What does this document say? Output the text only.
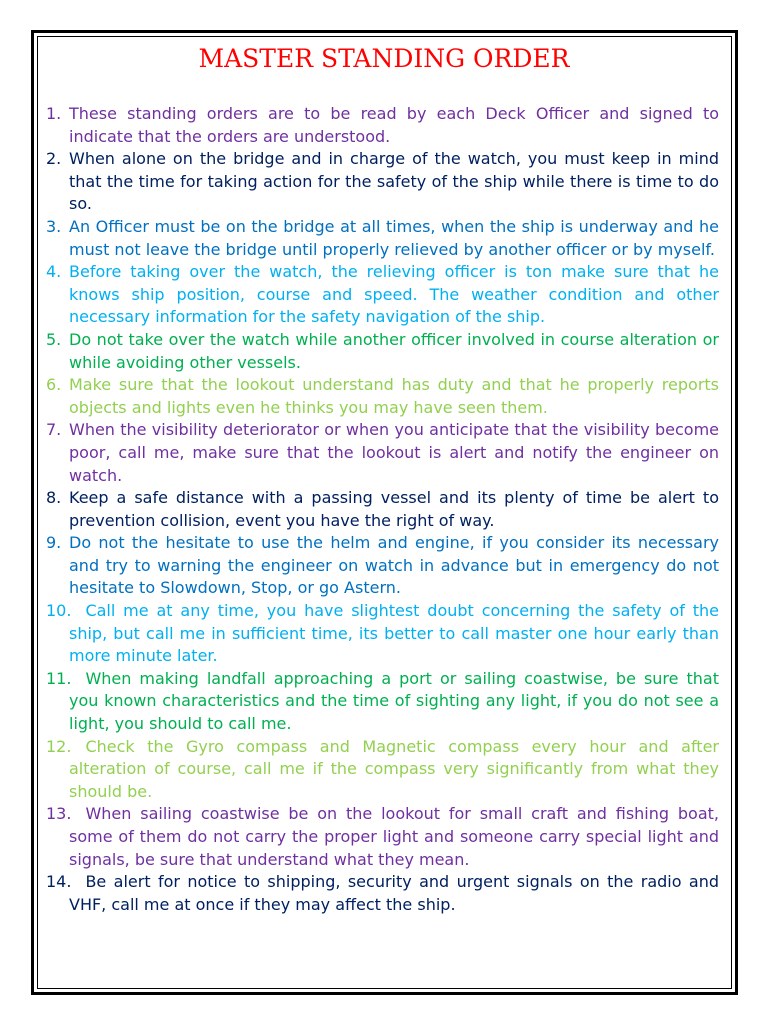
MASTER STANDING ORDER
1. These standing orders are to be read by each Deck Officer and signed to indicate that the orders are understood.
2. When alone on the bridge and in charge of the watch, you must keep in mind that the time for taking action for the safety of the ship while there is time to do so.
3. An Officer must be on the bridge at all times, when the ship is underway and he must not leave the bridge until properly relieved by another officer or by myself.
4. Before taking over the watch, the relieving officer is ton make sure that he knows ship position, course and speed. The weather condition and other necessary information for the safety navigation of the ship.
5. Do not take over the watch while another officer involved in course alteration or while avoiding other vessels.
6. Make sure that the lookout understand has duty and that he properly reports objects and lights even he thinks you may have seen them.
7. When the visibility deteriorator or when you anticipate that the visibility become poor, call me, make sure that the lookout is alert and notify the engineer on watch.
8. Keep a safe distance with a passing vessel and its plenty of time be alert to prevention collision, event you have the right of way.
9. Do not the hesitate to use the helm and engine, if you consider its necessary and try to warning the engineer on watch in advance but in emergency do not hesitate to Slowdown, Stop, or go Astern.
10. Call me at any time, you have slightest doubt concerning the safety of the ship, but call me in sufficient time, its better to call master one hour early than more minute later.
11. When making landfall approaching a port or sailing coastwise, be sure that you known characteristics and the time of sighting any light, if you do not see a light, you should to call me.
12. Check the Gyro compass and Magnetic compass every hour and after alteration of course, call me if the compass very significantly from what they should be.
13. When sailing coastwise be on the lookout for small craft and fishing boat, some of them do not carry the proper light and someone carry special light and signals, be sure that understand what they mean.
14. Be alert for notice to shipping, security and urgent signals on the radio and VHF, call me at once if they may affect the ship.
